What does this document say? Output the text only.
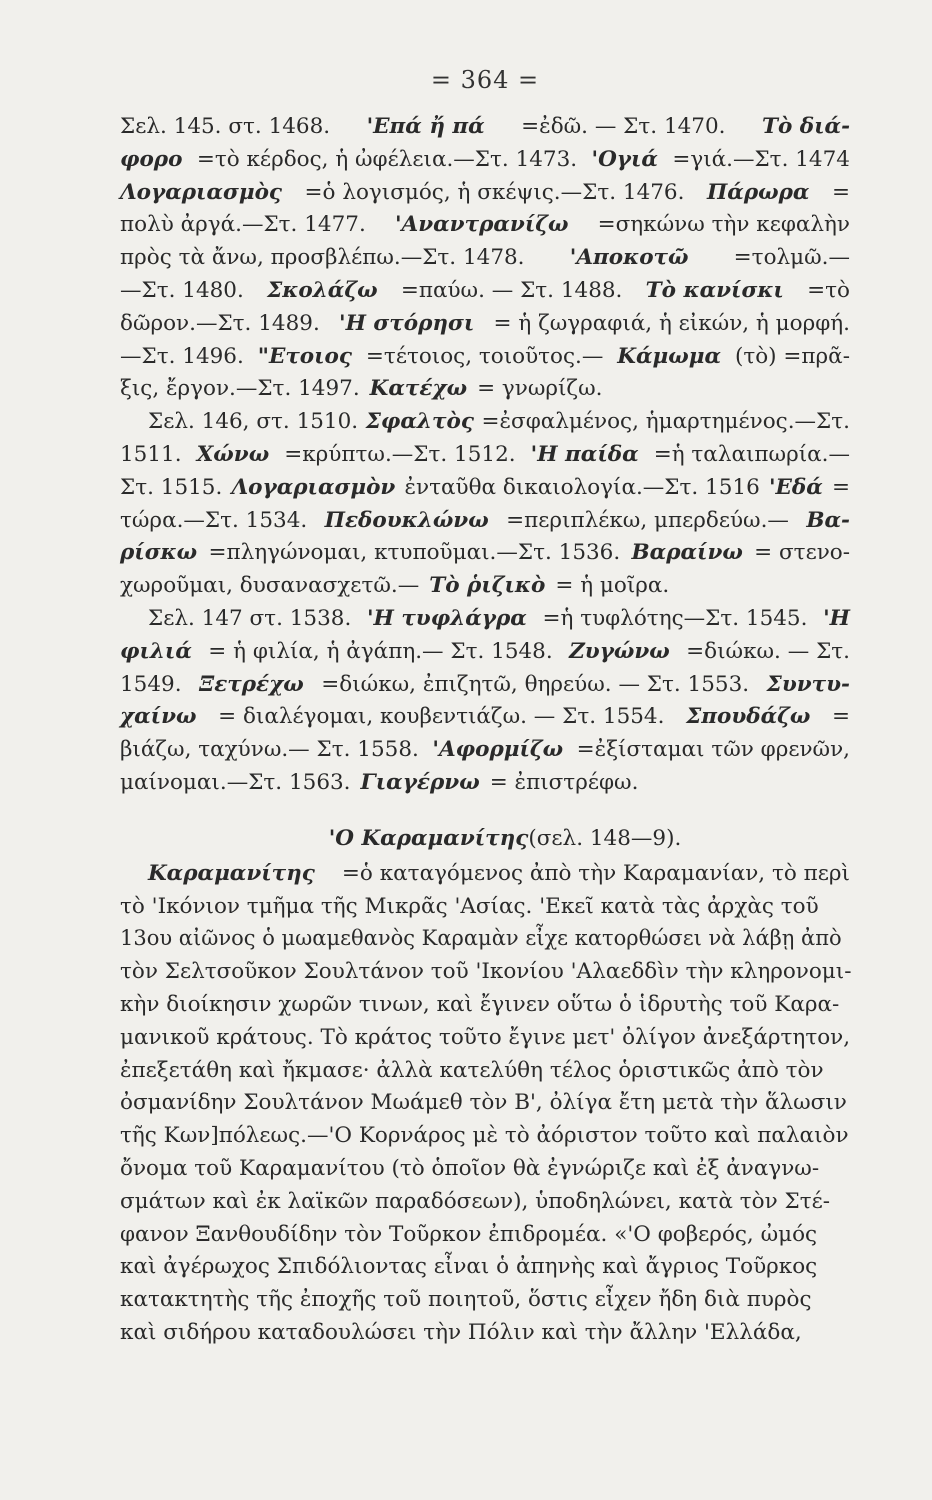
= 364 =
Σελ. 145. στ. 1468. 'Επά ἤ πά =ἐδῶ. — Στ. 1470. Τὸ διά-
φορο =τὸ κέρδος, ἡ ὠφέλεια.—Στ. 1473. 'Ογιά =γιά.—Στ. 1474
Λογαριασμὸς =ὁ λογισμός, ἡ σκέψις.—Στ. 1476. Πάρωρα =
πολὺ ἀργά.—Στ. 1477. 'Αναντρανίζω =σηκώνω τὴν κεφαλὴν
πρὸς τὰ ἄνω, προσβλέπω.—Στ. 1478. 'Αποκοτῶ =τολμῶ.—
—Στ. 1480. Σκολάζω =παύω. — Στ. 1488. Τὸ κανίσκι =τὸ
δῶρον.—Στ. 1489. 'Η στόρησι = ἡ ζωγραφιά, ἡ εἰκών, ἡ μορφή.
—Στ. 1496. "Ετοιος =τέτοιος, τοιοῦτος.— Κάμωμα (τὸ) =πρᾶ-
ξις, ἔργον.—Στ. 1497. Κατέχω = γνωρίζω.
Σελ. 146, στ. 1510. Σφαλτὸς =ἐσφαλμένος, ἡμαρτημένος.—Στ.
1511. Χώνω =κρύπτω.—Στ. 1512. 'Η παίδα =ἡ ταλαιπωρία.—
Στ. 1515. Λογαριασμὸν ἐνταῦθα δικαιολογία.—Στ. 1516 'Εδά =
τώρα.—Στ. 1534. Πεδουκλώνω =περιπλέκω, μπερδεύω.— Βα-
ρίσκω =πληγώνομαι, κτυποῦμαι.—Στ. 1536. Βαραίνω = στενο-
χωροῦμαι, δυσανασχετῶ.— Τὸ ῥιζικὸ = ἡ μοῖρα.
Σελ. 147 στ. 1538. 'Η τυφλάγρα =ἡ τυφλότης—Στ. 1545. 'Η
φιλιά = ἡ φιλία, ἡ ἀγάπη.— Στ. 1548. Ζυγώνω =διώκω. — Στ.
1549. Ξετρέχω =διώκω, ἐπιζητῶ, θηρεύω. — Στ. 1553. Συντυ-
χαίνω = διαλέγομαι, κουβεντιάζω. — Στ. 1554. Σπουδάζω =
βιάζω, ταχύνω.— Στ. 1558. 'Αφορμίζω =ἐξίσταμαι τῶν φρενῶν,
μαίνομαι.—Στ. 1563. Γιαγέρνω = ἐπιστρέφω.
'Ο Καραμανίτης (σελ. 148—9).
Καραμανίτης =ὁ καταγόμενος ἀπὸ τὴν Καραμανίαν, τὸ περὶ
τὸ 'Ικόνιον τμῆμα τῆς Μικρᾶς 'Ασίας. 'Εκεῖ κατὰ τὰς ἀρχὰς τοῦ
13ου αἰῶνος ὁ μωαμεθανὸς Καραμὰν εἶχε κατορθώσει νὰ λάβῃ ἀπὸ
τὸν Σελτσοῦκον Σουλτάνον τοῦ 'Ικονίου 'Αλαεδδὶν τὴν κληρονομι-
κὴν διοίκησιν χωρῶν τινων, καὶ ἔγινεν οὕτω ὁ ἱδρυτὴς τοῦ Καρα-
μανικοῦ κράτους. Τὸ κράτος τοῦτο ἔγινε μετ' ὀλίγον ἀνεξάρτητον,
ἐπεξετάθη καὶ ἤκμασε· ἀλλὰ κατελύθη τέλος ὁριστικῶς ἀπὸ τὸν
ὀσμανίδην Σουλτάνον Μωάμεθ τὸν Β', ὀλίγα ἔτη μετὰ τὴν ἅλωσιν
τῆς Κων]πόλεως.—'Ο Κορνάρος μὲ τὸ ἀόριστον τοῦτο καὶ παλαιὸν
ὄνομα τοῦ Καραμανίτου (τὸ ὁποῖον θὰ ἐγνώριζε καὶ ἐξ ἀναγνω-
σμάτων καὶ ἐκ λαϊκῶν παραδόσεων), ὑποδηλώνει, κατὰ τὸν Στέ-
φανον Ξανθουδίδην τὸν Τοῦρκον ἐπιδρομέα. «'Ο φοβερός, ὠμός
καὶ ἀγέρωχος Σπιδόλιοντας εἶναι ὁ ἀπηνὴς καὶ ἄγριος Τοῦρκος
κατακτητὴς τῆς ἐποχῆς τοῦ ποιητοῦ, ὅστις εἶχεν ἤδη διὰ πυρὸς
καὶ σιδήρου καταδουλώσει τὴν Πόλιν καὶ τὴν ἄλλην 'Ελλάδα,
